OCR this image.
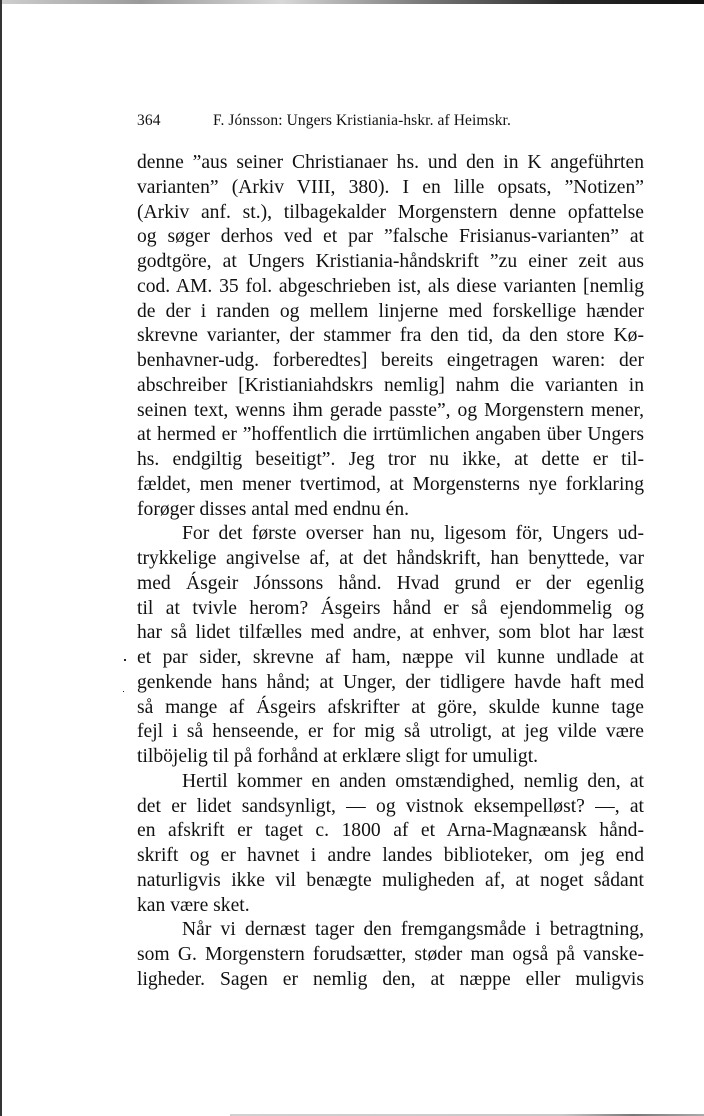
364	F. Jónsson: Ungers Kristiania-hskr. af Heimskr.
denne ”aus seiner Christianaer hs. und den in K angeführten
varianten” (Arkiv VIII, 380). I en lille opsats, ”Notizen”
(Arkiv anf. st.), tilbagekalder Morgenstern denne opfattelse
og søger derhos ved et par ”falsche Frisianus-varianten” at
godtgöre, at Ungers Kristiania-håndskrift ”zu einer zeit aus
cod. AM. 35 fol. abgeschrieben ist, als diese varianten [nemlig
de der i randen og mellem linjerne med forskellige hænder
skrevne varianter, der stammer fra den tid, da den store Kø-
benhavner-udg. forberedtes] bereits eingetragen waren: der
abschreiber [Kristianiahdskrs nemlig] nahm die varianten in
seinen text, wenns ihm gerade passte”, og Morgenstern mener,
at hermed er ”hoffentlich die irrtümlichen angaben über Ungers
hs. endgiltig beseitigt”. Jeg tror nu ikke, at dette er til-
fældet, men mener tvertimod, at Morgensterns nye forklaring
forøger disses antal med endnu én.
For det første overser han nu, ligesom för, Ungers ud-
trykkelige angivelse af, at det håndskrift, han benyttede, var
med Ásgeir Jónssons hånd. Hvad grund er der egenlig
til at tvivle herom? Ásgeirs hånd er så ejendommelig og
har så lidet tilfælles med andre, at enhver, som blot har læst
et par sider, skrevne af ham, næppe vil kunne undlade at
genkende hans hånd; at Unger, der tidligere havde haft med
så mange af Ásgeirs afskrifter at göre, skulde kunne tage
fejl i så henseende, er for mig så utroligt, at jeg vilde være
tilböjelig til på forhånd at erklære sligt for umuligt.
Hertil kommer en anden omstændighed, nemlig den, at
det er lidet sandsynligt, — og vistnok eksempelløst? —, at
en afskrift er taget c. 1800 af et Arna-Magnæansk hånd-
skrift og er havnet i andre landes biblioteker, om jeg end
naturligvis ikke vil benægte muligheden af, at noget sådant
kan være sket.
Når vi dernæst tager den fremgangsmåde i betragtning,
som G. Morgenstern forudsætter, støder man også på vanske-
ligheder. Sagen er nemlig den, at næppe eller muligvis
